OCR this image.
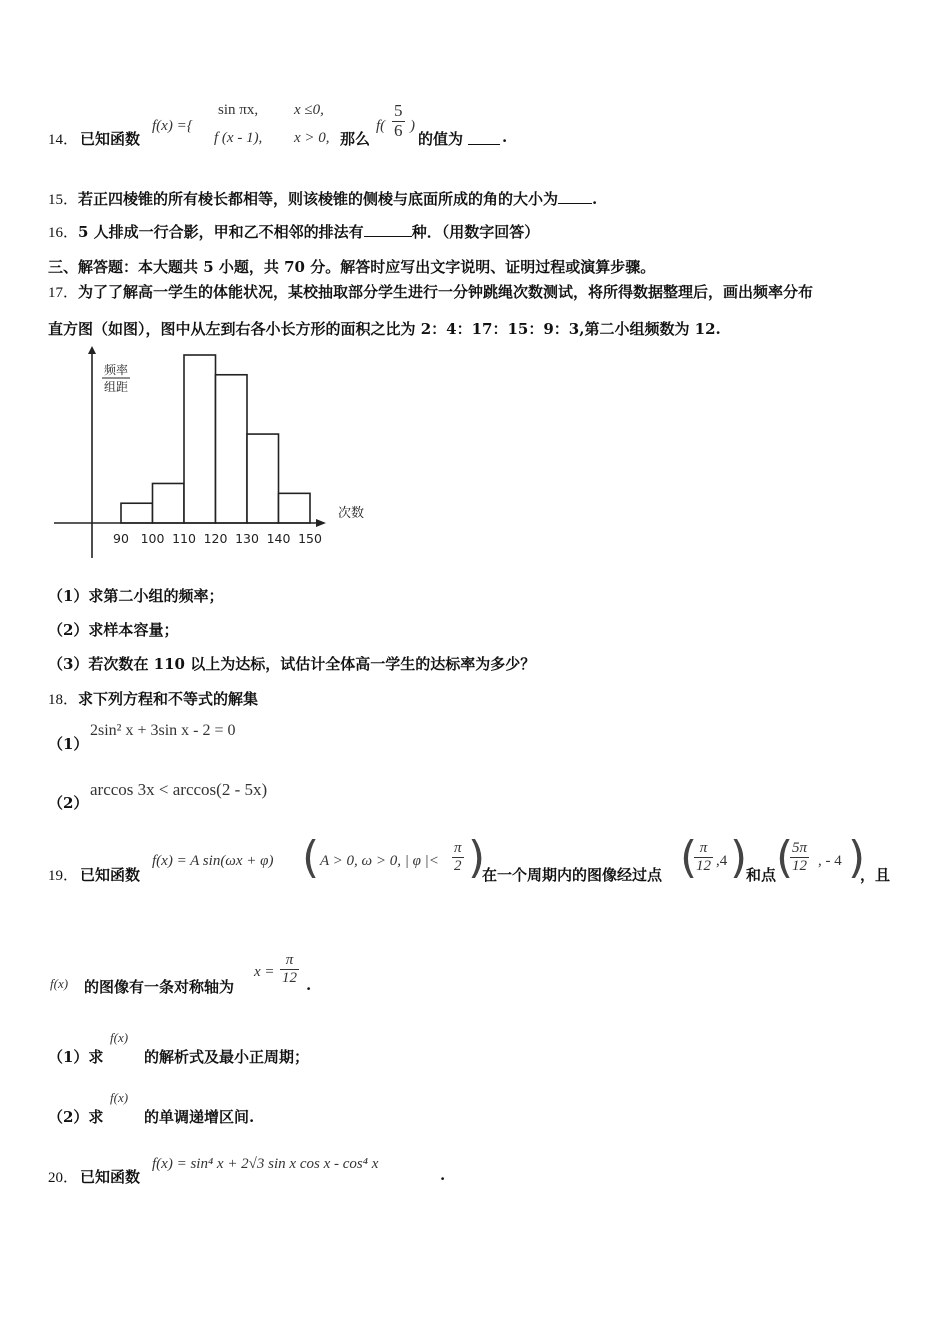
14． 已知函数
f(x) ={
sin πx, x ≤0,
f (x - 1), x > 0, 那么
$f( \frac{5}{6}$ )
的值为	.
15．若正四棱锥的所有棱长都相等，则该棱锥的侧棱与底面所成的角的大小为 .
16．5 人排成一行合影，甲和乙不相邻的排法有	种．（用数字回答）
三、解答题：本大题共 5 小题，共 70 分。解答时应写出文字说明、证明过程或演算步骤。
17．为了了解高一学生的体能状况，某校抽取部分学生进行一分钟跳绳次数测试，将所得数据整理后，画出频率分布
直方图（如图），图中从左到右各小长方形的面积之比为 2：4：17：15：9：3,第二小组频数为 12.
频率
组距
次数
90 100 110 120 130 140 150
（1）求第二小组的频率；
（2）求样本容量；
（3）若次数在 110 以上为达标，试估计全体高一学生的达标率为多少？
18．求下列方程和不等式的解集
（1）
2sin² x + 3sin x - 2 = 0
（2）
arccos 3x < arccos(2 - 5x)
19． 已知函数
f(x) = A sin(ωx + φ) ( A > 0, ω > 0, | φ |< $\frac{\pi}{2}$ )
在一个周期内的图像经过点 (
$\frac{\pi}{12} ,4$ )
和点 (
$\frac{5\pi}{12}$ , - 4 )
，且
f(x) 的图像有一条对称轴为
$x = \frac{\pi}{12}$ .
（1）求
f(x)
的解析式及最小正周期；
（2）求
f(x)
的单调递增区间.
20． 已知函数
f(x) = sin⁴ x + 2√3 sin x cos x - cos⁴ x
.
